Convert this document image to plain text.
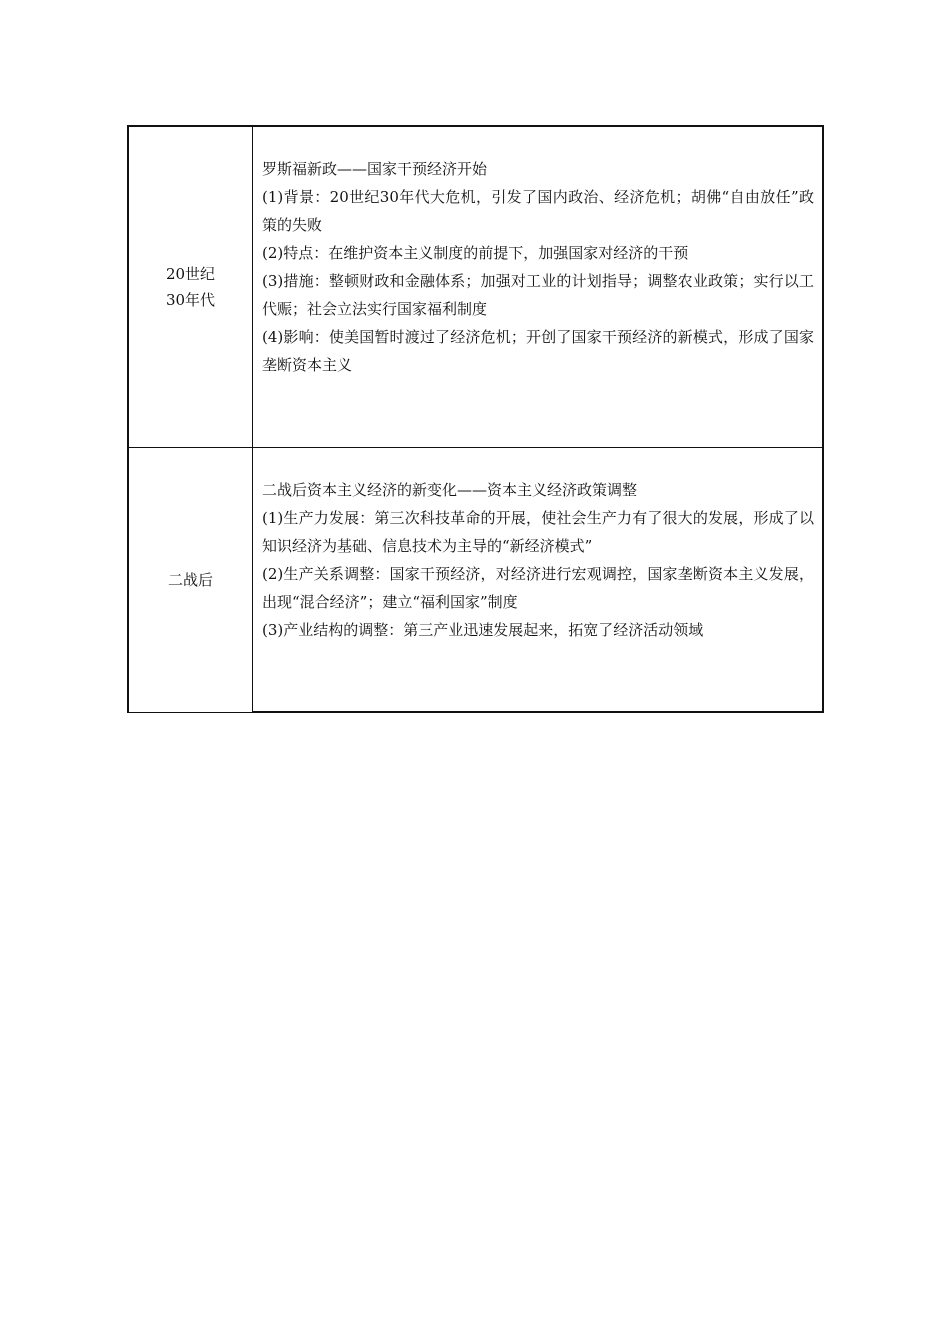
20世纪
30年代	罗斯福新政——国家干预经济开始
(1)背景：20世纪30年代大危机，引发了国内政治、经济危机；胡佛“自由放任”政策的失败
(2)特点：在维护资本主义制度的前提下，加强国家对经济的干预
(3)措施：整顿财政和金融体系；加强对工业的计划指导；调整农业政策；实行以工代赈；社会立法实行国家福利制度
(4)影响：使美国暂时渡过了经济危机；开创了国家干预经济的新模式，形成了国家垄断资本主义

二战后	二战后资本主义经济的新变化——资本主义经济政策调整
(1)生产力发展：第三次科技革命的开展，使社会生产力有了很大的发展，形成了以知识经济为基础、信息技术为主导的“新经济模式”
(2)生产关系调整：国家干预经济，对经济进行宏观调控，国家垄断资本主义发展，出现“混合经济”；建立“福利国家”制度
(3)产业结构的调整：第三产业迅速发展起来，拓宽了经济活动领域
